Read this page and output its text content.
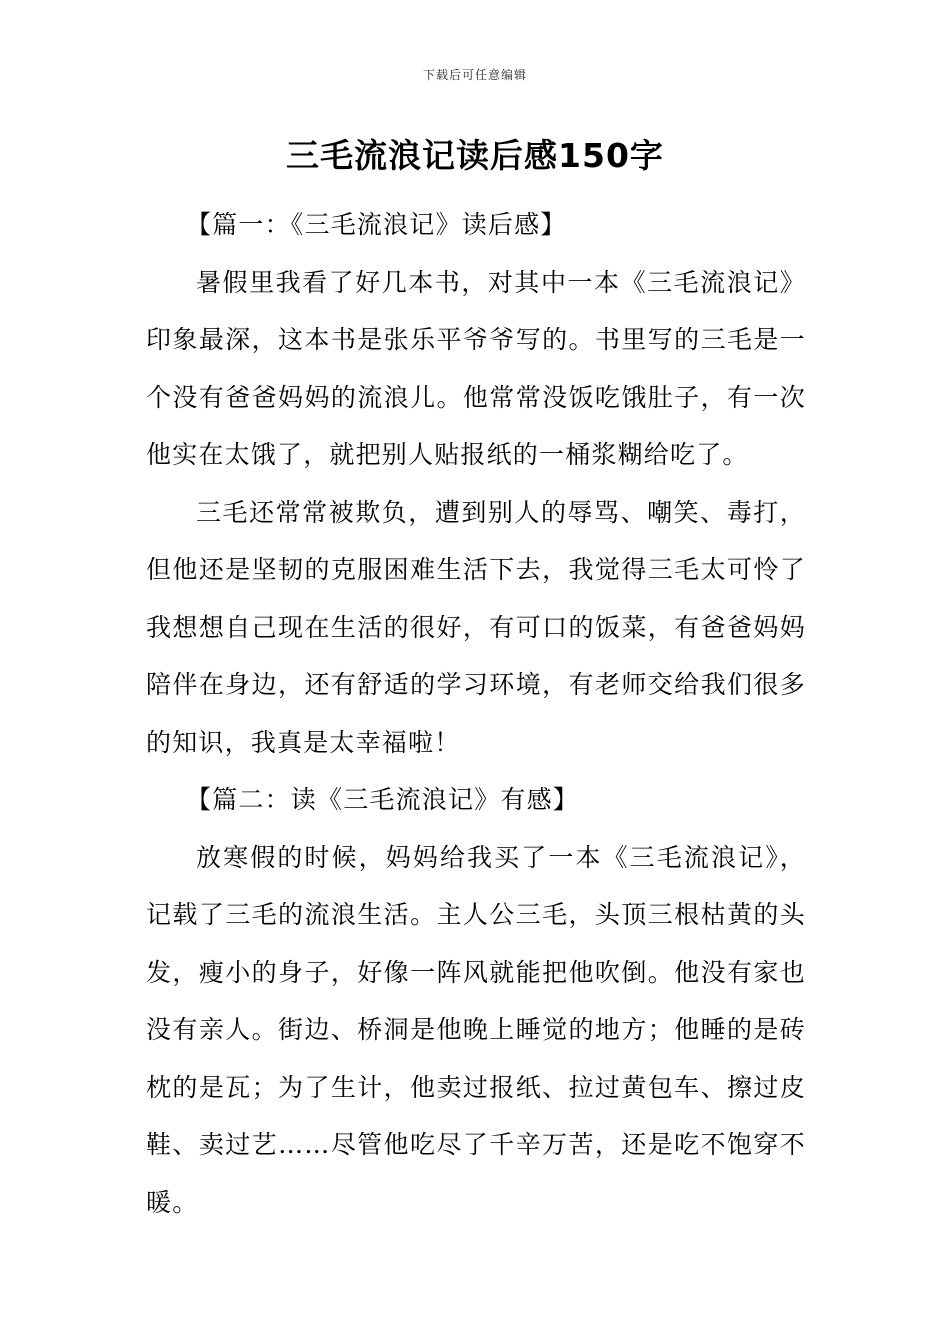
下载后可任意编辑
三毛流浪记读后感150字

【篇一：《三毛流浪记》读后感】

暑假里我看了好几本书，对其中一本《三毛流浪记》印象最深，这本书是张乐平爷爷写的。书里写的三毛是一个没有爸爸妈妈的流浪儿。他常常没饭吃饿肚子，有一次他实在太饿了，就把别人贴报纸的一桶浆糊给吃了。

三毛还常常被欺负，遭到别人的辱骂、嘲笑、毒打，但他还是坚韧的克服困难生活下去，我觉得三毛太可怜了我想想自己现在生活的很好，有可口的饭菜，有爸爸妈妈陪伴在身边，还有舒适的学习环境，有老师交给我们很多的知识，我真是太幸福啦！

【篇二：读《三毛流浪记》有感】

放寒假的时候，妈妈给我买了一本《三毛流浪记》，记载了三毛的流浪生活。主人公三毛，头顶三根枯黄的头发，瘦小的身子，好像一阵风就能把他吹倒。他没有家也没有亲人。街边、桥洞是他晚上睡觉的地方；他睡的是砖枕的是瓦；为了生计，他卖过报纸、拉过黄包车、擦过皮鞋、卖过艺……尽管他吃尽了千辛万苦，还是吃不饱穿不暖。
